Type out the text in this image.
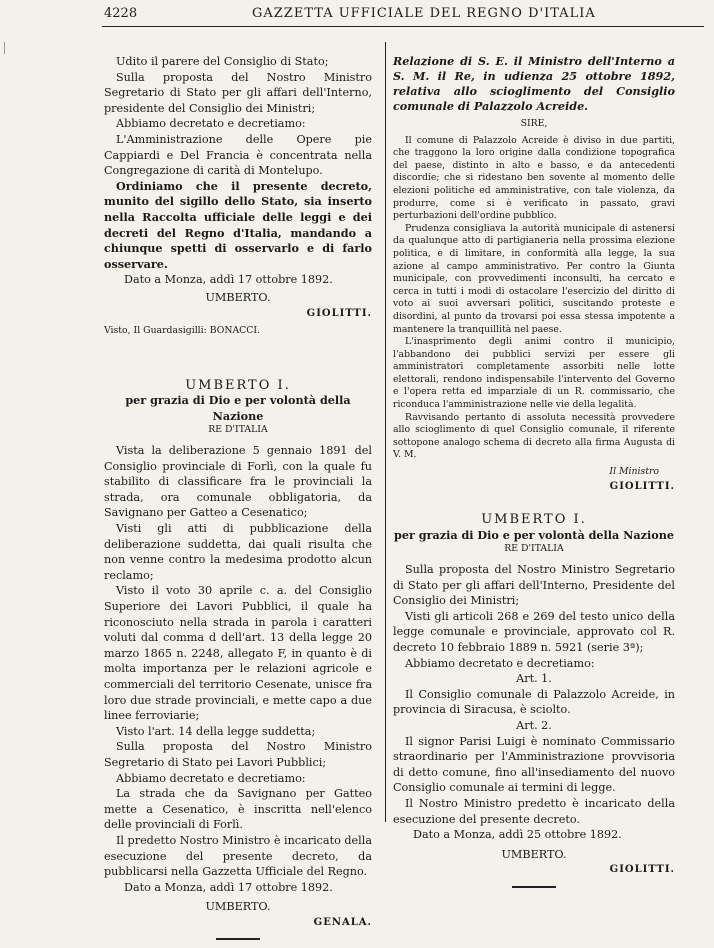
4228	GAZZETTA UFFICIALE DEL REGNO D'ITALIA

Udito il parere del Consiglio di Stato;

Sulla proposta del Nostro Ministro Segretario di Stato per gli affari dell'Interno, presidente del Consiglio dei Ministri;

Abbiamo decretato e decretiamo:

L'Amministrazione delle Opere pie Cappiardi e Del Francia è concentrata nella Congregazione di carità di Montelupo.

Ordiniamo che il presente decreto, munito del sigillo dello Stato, sia inserto nella Raccolta ufficiale delle leggi e dei decreti del Regno d'Italia, mandando a chiunque spetti di osservarlo e di farlo osservare.

Dato a Monza, addì 17 ottobre 1892.

UMBERTO.

GIOLITTI.

Visto, Il Guardasigilli: BONACCI.

UMBERTO I.

per grazia di Dio e per volontà della Nazione

RE D'ITALIA

Vista la deliberazione 5 gennaio 1891 del Consiglio provinciale di Forlì, con la quale fu stabilito di classificare fra le provinciali la strada, ora comunale obbligatoria, da Savignano per Gatteo a Cesenatico;

Visti gli atti di pubblicazione della deliberazione suddetta, dai quali risulta che non venne contro la medesima prodotto alcun reclamo;

Visto il voto 30 aprile c. a. del Consiglio Superiore dei Lavori Pubblici, il quale ha riconosciuto nella strada in parola i caratteri voluti dal comma d dell'art. 13 della legge 20 marzo 1865 n. 2248, allegato F, in quanto è di molta importanza per le relazioni agricole e commerciali del territorio Cesenate, unisce fra loro due strade provinciali, e mette capo a due linee ferroviarie;

Visto l'art. 14 della legge suddetta;

Sulla proposta del Nostro Ministro Segretario di Stato pei Lavori Pubblici;

Abbiamo decretato e decretiamo:

La strada che da Savignano per Gatteo mette a Cesenatico, è inscritta nell'elenco delle provinciali di Forlì.

Il predetto Nostro Ministro è incaricato della esecuzione del presente decreto, da pubblicarsi nella Gazzetta Ufficiale del Regno.

Dato a Monza, addì 17 ottobre 1892.

UMBERTO.

GENALA.

Relazione di S. E. il Ministro dell'Interno a S. M. il Re, in udienza 25 ottobre 1892, relativa allo scioglimento del Consiglio comunale di Palazzolo Acreide.

SIRE,

Il comune di Palazzolo Acreide è diviso in due partiti, che traggono la loro origine dalla condizione topografica del paese, distinto in alto e basso, e da antecedenti discordie; che si ridestano ben sovente al momento delle elezioni politiche ed amministrative, con tale violenza, da produrre, come si è verificato in passato, gravi perturbazioni dell'ordine pubblico.

Prudenza consigliava la autorità municipale di astenersi da qualunque atto di partigianeria nella prossima elezione politica, e di limitare, in conformità alla legge, la sua azione al campo amministrativo. Per contro la Giunta municipale, con provvedimenti inconsulti, ha cercato e cerca in tutti i modi di ostacolare l'esercizio del diritto di voto ai suoi avversari politici, suscitando proteste e disordini, al punto da trovarsi poi essa stessa impotente a mantenere la tranquillità nel paese.

L'inasprimento degli animi contro il municipio, l'abbandono dei pubblici servizi per essere gli amministratori completamente assorbiti nelle lotte elettorali, rendono indispensabile l'intervento del Governo e l'opera retta ed imparziale di un R. commissario, che riconduca l'amministrazione nelle vie della legalità.

Ravvisando pertanto di assoluta necessità provvedere allo scioglimento di quel Consiglio comunale, il riferente sottopone analogo schema di decreto alla firma Augusta di V. M.

Il Ministro

GIOLITTI.

UMBERTO I.

per grazia di Dio e per volontà della Nazione

RE D'ITALIA

Sulla proposta del Nostro Ministro Segretario di Stato per gli affari dell'Interno, Presidente del Consiglio dei Ministri;

Visti gli articoli 268 e 269 del testo unico della legge comunale e provinciale, approvato col R. decreto 10 febbraio 1889 n. 5921 (serie 3ª);

Abbiamo decretato e decretiamo:

Art. 1.

Il Consiglio comunale di Palazzolo Acreide, in provincia di Siracusa, è sciolto.

Art. 2.

Il signor Parisi Luigi è nominato Commissario straordinario per l'Amministrazione provvisoria di detto comune, fino all'insediamento del nuovo Consiglio comunale ai termini di legge.

Il Nostro Ministro predetto è incaricato della esecuzione del presente decreto.

Dato a Monza, addì 25 ottobre 1892.

UMBERTO.

GIOLITTI.
